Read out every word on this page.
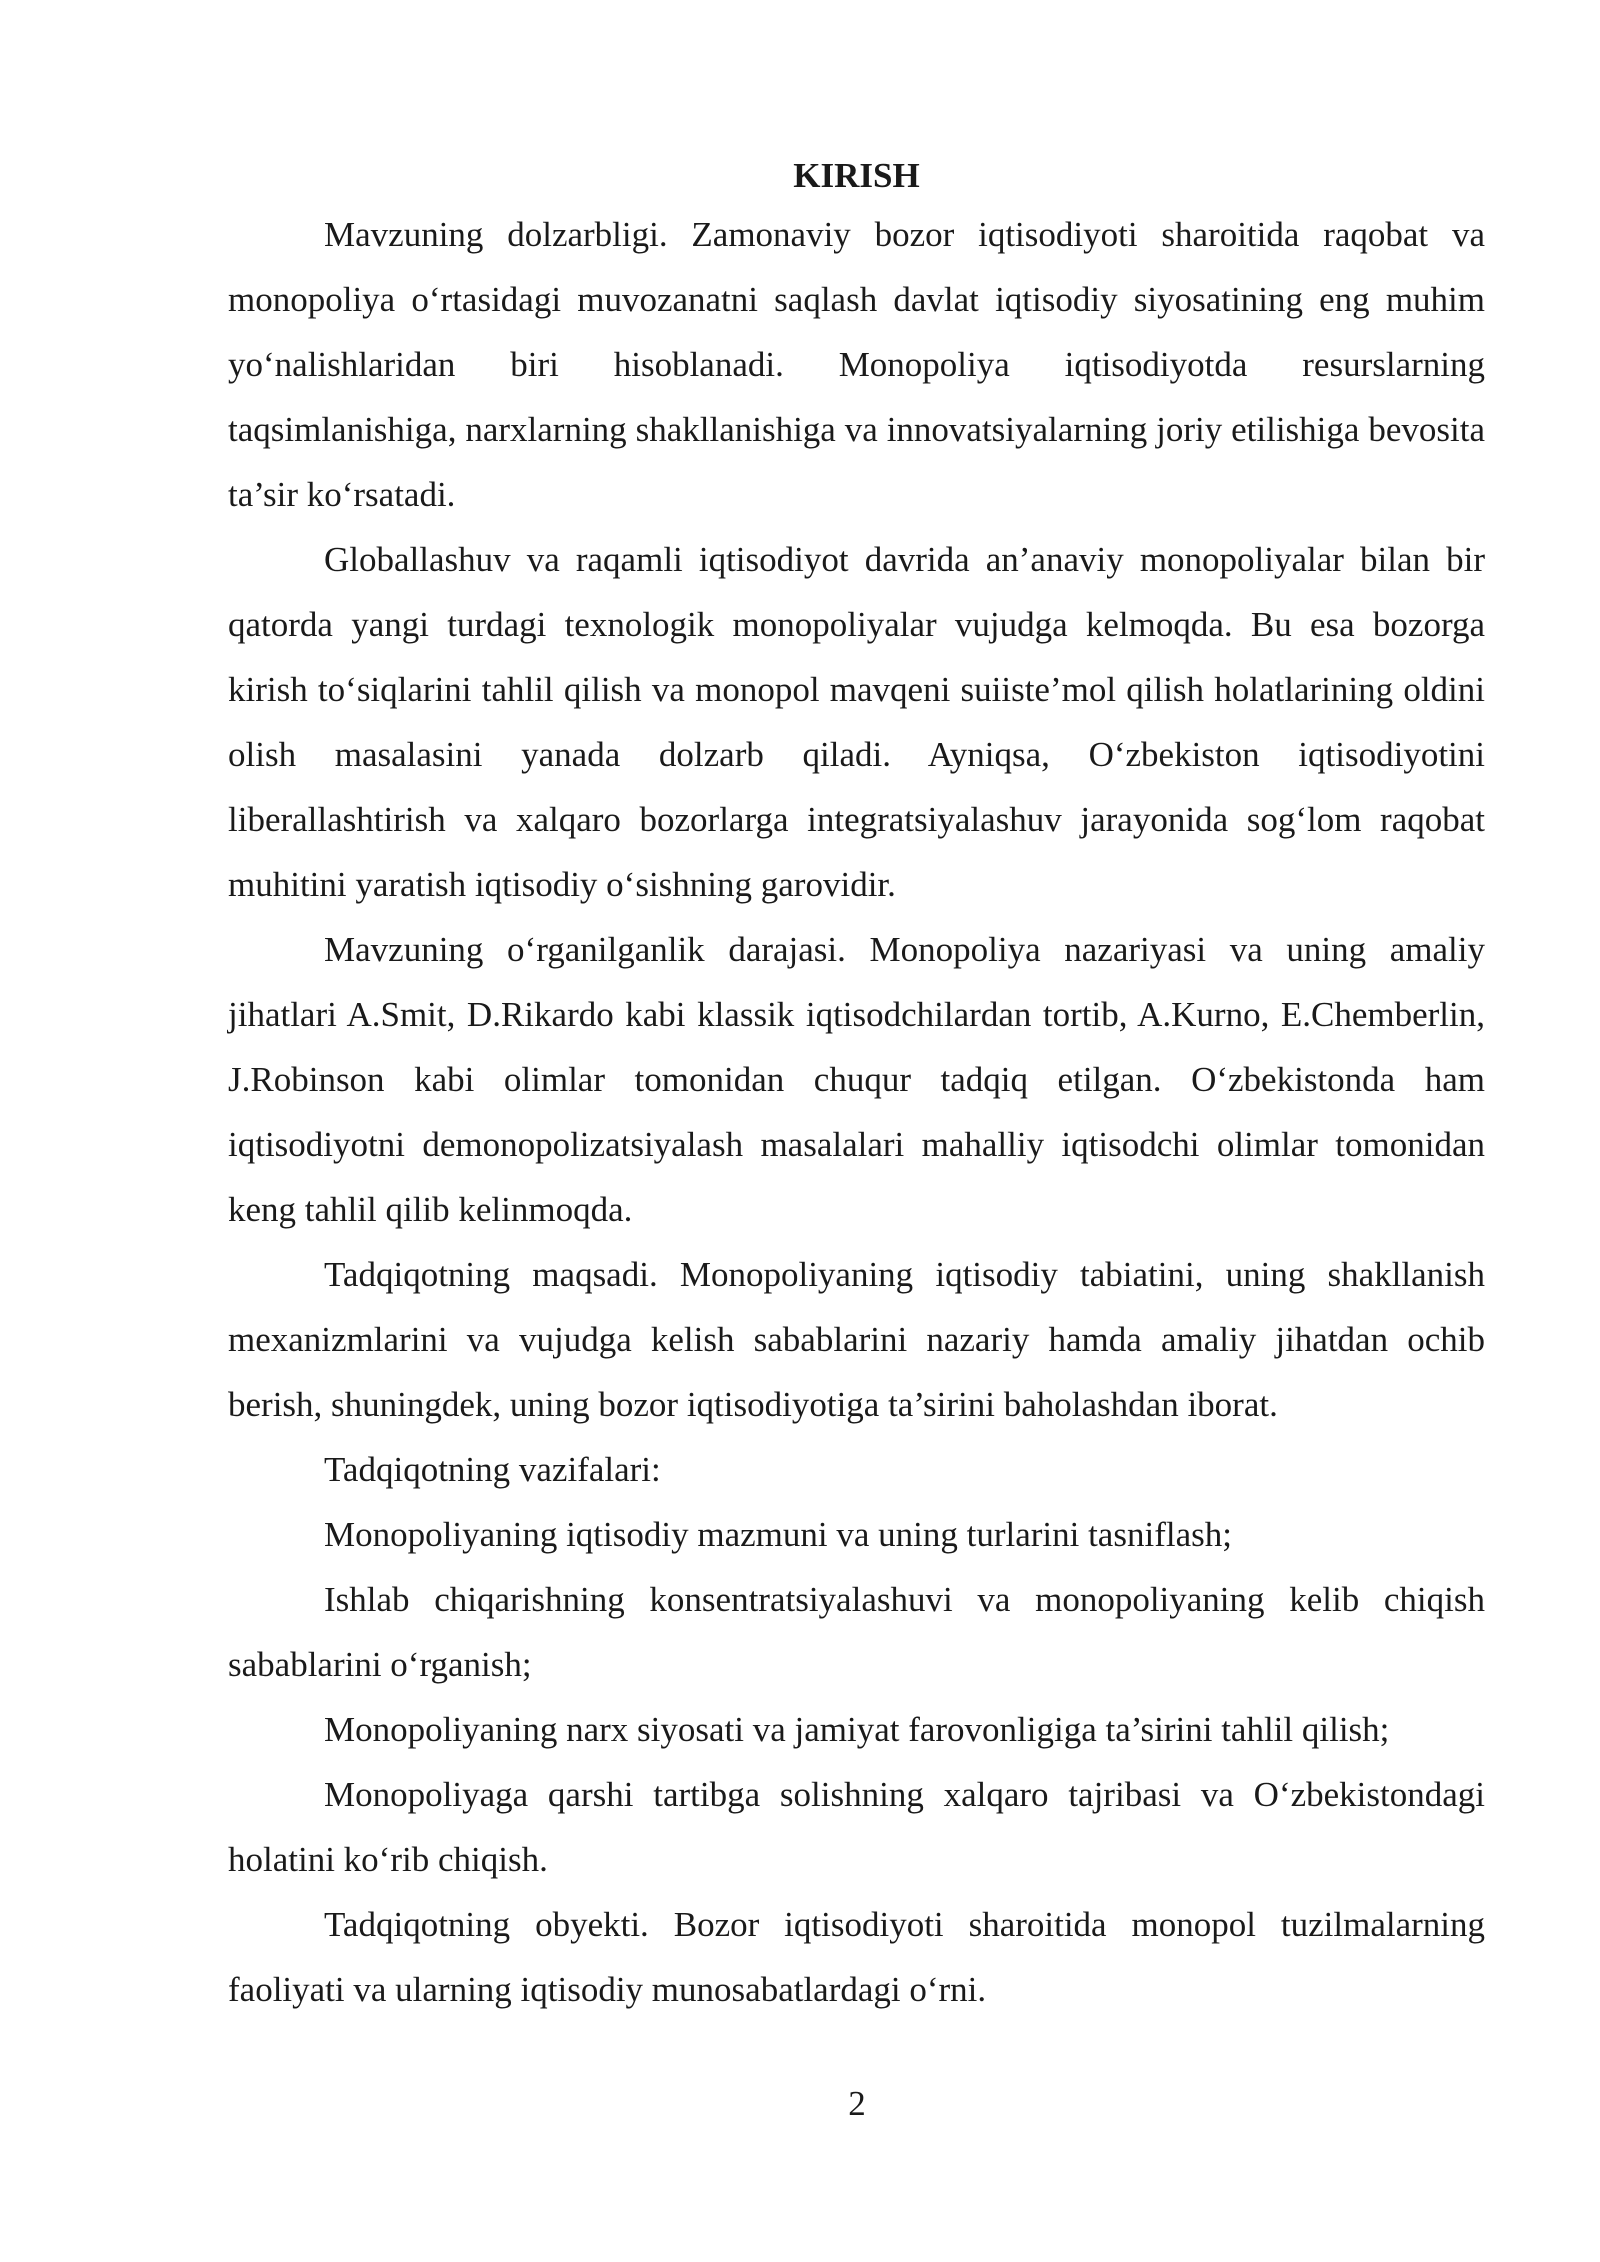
KIRISH

Mavzuning dolzarbligi. Zamonaviy bozor iqtisodiyoti sharoitida raqobat va monopoliya o‘rtasidagi muvozanatni saqlash davlat iqtisodiy siyosatining eng muhim yo‘nalishlaridan biri hisoblanadi. Monopoliya iqtisodiyotda resurslarning taqsimlanishiga, narxlarning shakllanishiga va innovatsiyalarning joriy etilishiga bevosita ta’sir ko‘rsatadi.

Globallashuv va raqamli iqtisodiyot davrida an’anaviy monopoliyalar bilan bir qatorda yangi turdagi texnologik monopoliyalar vujudga kelmoqda. Bu esa bozorga kirish to‘siqlarini tahlil qilish va monopol mavqeni suiiste’mol qilish holatlarining oldini olish masalasini yanada dolzarb qiladi. Ayniqsa, O‘zbekiston iqtisodiyotini liberallashtirish va xalqaro bozorlarga integratsiyalashuv jarayonida sog‘lom raqobat muhitini yaratish iqtisodiy o‘sishning garovidir.

Mavzuning o‘rganilganlik darajasi. Monopoliya nazariyasi va uning amaliy jihatlari A.Smit, D.Rikardo kabi klassik iqtisodchilardan tortib, A.Kurno, E.Chemberlin, J.Robinson kabi olimlar tomonidan chuqur tadqiq etilgan. O‘zbekistonda ham iqtisodiyotni demonopolizatsiyalash masalalari mahalliy iqtisodchi olimlar tomonidan keng tahlil qilib kelinmoqda.

Tadqiqotning maqsadi. Monopoliyaning iqtisodiy tabiatini, uning shakllanish mexanizmlarini va vujudga kelish sabablarini nazariy hamda amaliy jihatdan ochib berish, shuningdek, uning bozor iqtisodiyotiga ta’sirini baholashdan iborat.

Tadqiqotning vazifalari:

Monopoliyaning iqtisodiy mazmuni va uning turlarini tasniflash;

Ishlab chiqarishning konsentratsiyalashuvi va monopoliyaning kelib chiqish sabablarini o‘rganish;

Monopoliyaning narx siyosati va jamiyat farovonligiga ta’sirini tahlil qilish;

Monopoliyaga qarshi tartibga solishning xalqaro tajribasi va O‘zbekistondagi holatini ko‘rib chiqish.

Tadqiqotning obyekti. Bozor iqtisodiyoti sharoitida monopol tuzilmalarning faoliyati va ularning iqtisodiy munosabatlardagi o‘rni.

2
